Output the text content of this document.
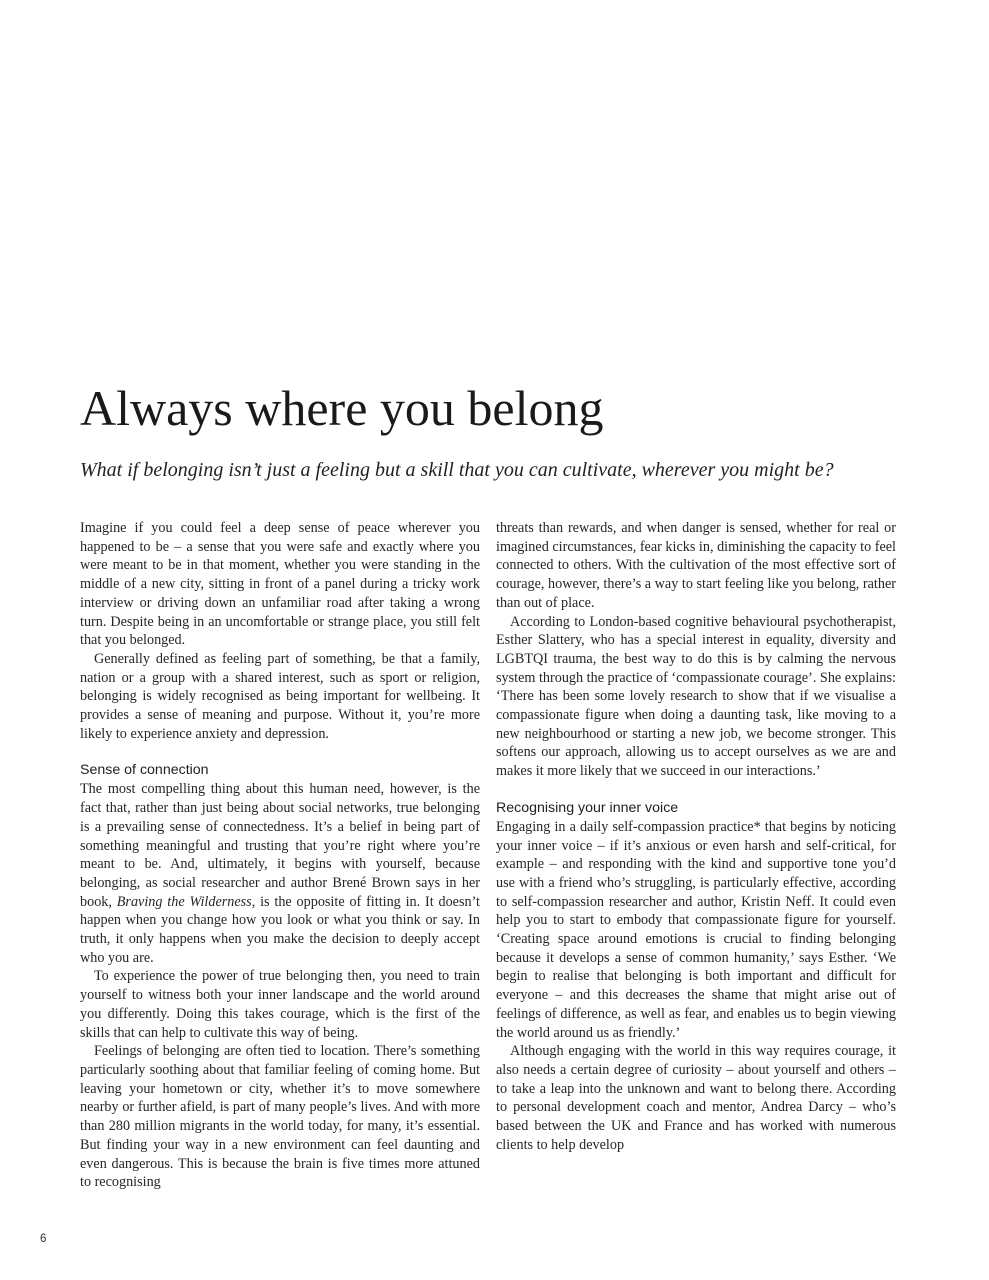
Always where you belong

What if belonging isn’t just a feeling but a skill that you can cultivate, wherever you might be?

Imagine if you could feel a deep sense of peace wherever you happened to be – a sense that you were safe and exactly where you were meant to be in that moment, whether you were standing in the middle of a new city, sitting in front of a panel during a tricky work interview or driving down an unfamiliar road after taking a wrong turn. Despite being in an uncomfortable or strange place, you still felt that you belonged.

Generally defined as feeling part of something, be that a family, nation or a group with a shared interest, such as sport or religion, belonging is widely recognised as being important for wellbeing. It provides a sense of meaning and purpose. Without it, you’re more likely to experience anxiety and depression.

Sense of connection

The most compelling thing about this human need, however, is the fact that, rather than just being about social networks, true belonging is a prevailing sense of connectedness. It’s a belief in being part of something meaningful and trusting that you’re right where you’re meant to be. And, ultimately, it begins with yourself, because belonging, as social researcher and author Brené Brown says in her book, Braving the Wilderness, is the opposite of fitting in. It doesn’t happen when you change how you look or what you think or say. In truth, it only happens when you make the decision to deeply accept who you are.

To experience the power of true belonging then, you need to train yourself to witness both your inner landscape and the world around you differently. Doing this takes courage, which is the first of the skills that can help to cultivate this way of being.

Feelings of belonging are often tied to location. There’s something particularly soothing about that familiar feeling of coming home. But leaving your hometown or city, whether it’s to move somewhere nearby or further afield, is part of many people’s lives. And with more than 280 million migrants in the world today, for many, it’s essential. But finding your way in a new environment can feel daunting and even dangerous. This is because the brain is five times more attuned to recognising

threats than rewards, and when danger is sensed, whether for real or imagined circumstances, fear kicks in, diminishing the capacity to feel connected to others. With the cultivation of the most effective sort of courage, however, there’s a way to start feeling like you belong, rather than out of place.

According to London-based cognitive behavioural psychotherapist, Esther Slattery, who has a special interest in equality, diversity and LGBTQI trauma, the best way to do this is by calming the nervous system through the practice of ‘compassionate courage’. She explains: ‘There has been some lovely research to show that if we visualise a compassionate figure when doing a daunting task, like moving to a new neighbourhood or starting a new job, we become stronger. This softens our approach, allowing us to accept ourselves as we are and makes it more likely that we succeed in our interactions.’

Recognising your inner voice

Engaging in a daily self-compassion practice* that begins by noticing your inner voice – if it’s anxious or even harsh and self-critical, for example – and responding with the kind and supportive tone you’d use with a friend who’s struggling, is particularly effective, according to self-compassion researcher and author, Kristin Neff. It could even help you to start to embody that compassionate figure for yourself. ‘Creating space around emotions is crucial to finding belonging because it develops a sense of common humanity,’ says Esther. ‘We begin to realise that belonging is both important and difficult for everyone – and this decreases the shame that might arise out of feelings of difference, as well as fear, and enables us to begin viewing the world around us as friendly.’

Although engaging with the world in this way requires courage, it also needs a certain degree of curiosity – about yourself and others – to take a leap into the unknown and want to belong there. According to personal development coach and mentor, Andrea Darcy – who’s based between the UK and France and has worked with numerous clients to help develop

6
